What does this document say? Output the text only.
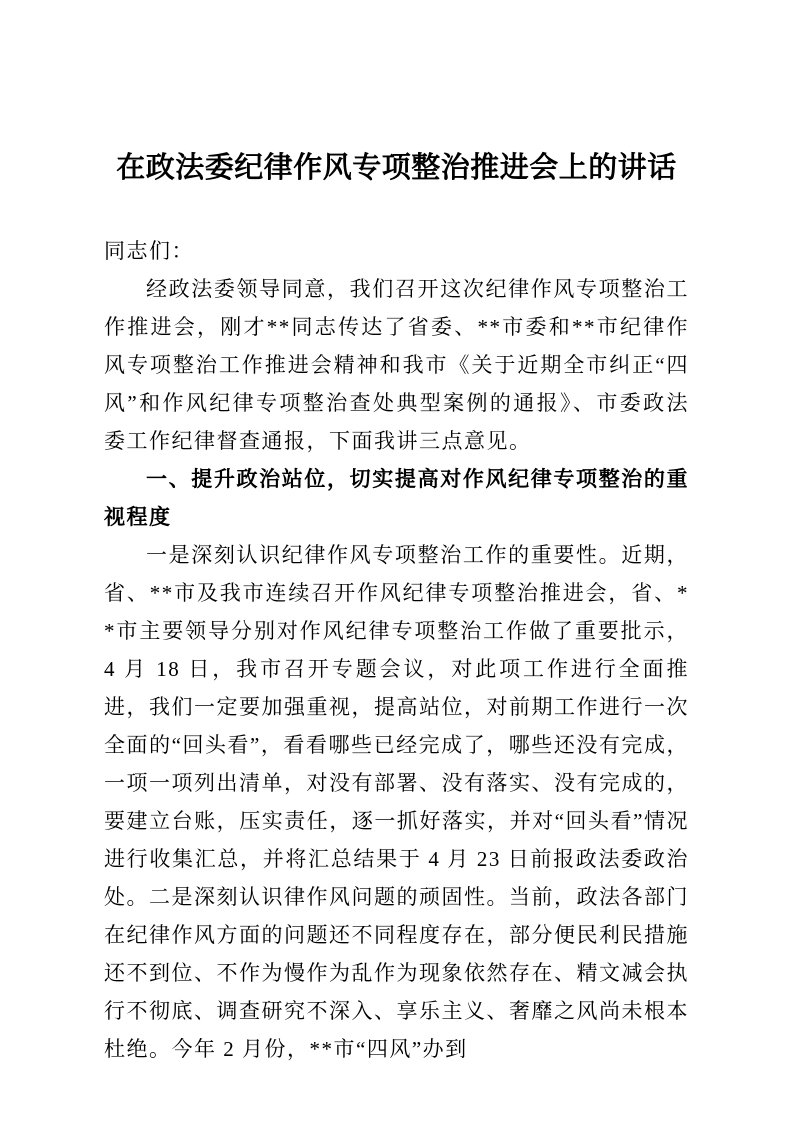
在政法委纪律作风专项整治推进会上的讲话

同志们：

经政法委领导同意，我们召开这次纪律作风专项整治工作推进会，刚才**同志传达了省委、**市委和**市纪律作风专项整治工作推进会精神和我市《关于近期全市纠正“四风”和作风纪律专项整治查处典型案例的通报》、市委政法委工作纪律督查通报，下面我讲三点意见。

一、提升政治站位，切实提高对作风纪律专项整治的重视程度

一是深刻认识纪律作风专项整治工作的重要性。近期，省、**市及我市连续召开作风纪律专项整治推进会，省、**市主要领导分别对作风纪律专项整治工作做了重要批示，4 月 18 日，我市召开专题会议，对此项工作进行全面推进，我们一定要加强重视，提高站位，对前期工作进行一次全面的“回头看”，看看哪些已经完成了，哪些还没有完成，一项一项列出清单，对没有部署、没有落实、没有完成的，要建立台账，压实责任，逐一抓好落实，并对“回头看”情况进行收集汇总，并将汇总结果于 4 月 23 日前报政法委政治处。二是深刻认识律作风问题的顽固性。当前，政法各部门在纪律作风方面的问题还不同程度存在，部分便民利民措施还不到位、不作为慢作为乱作为现象依然存在、精文减会执行不彻底、调查研究不深入、享乐主义、奢靡之风尚未根本杜绝。今年 2 月份，**市“四风”办到
